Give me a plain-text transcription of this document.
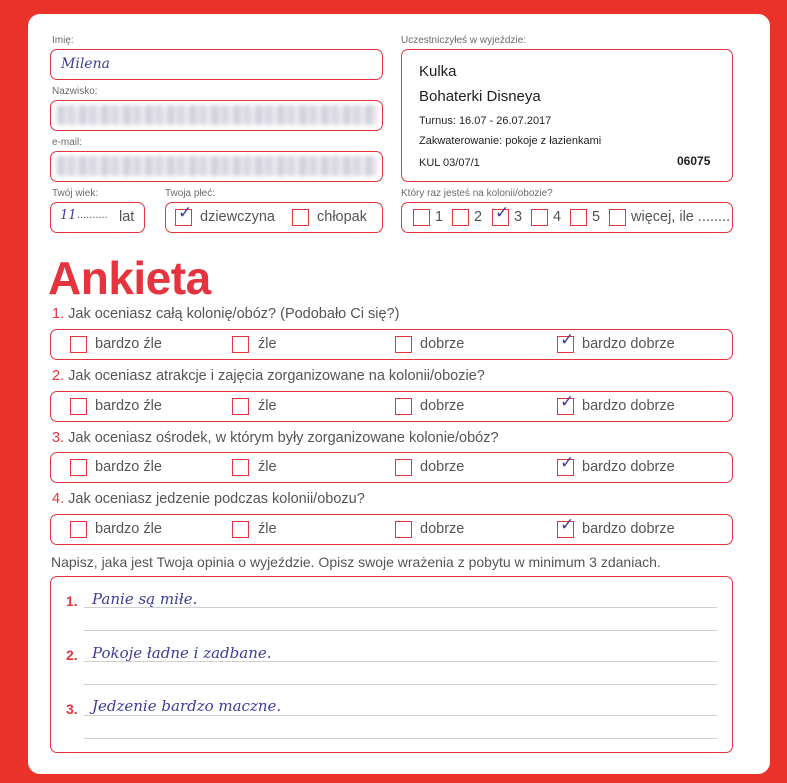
Imię:
Milena
Nazwisko:
e-mail:
Twój wiek:
11 .......... lat
Twoja płeć:
✓ dziewczyna	chłopak
Uczestniczyłeś w wyjeździe:
Kulka
Bohaterki Disneya
Turnus: 16.07 - 26.07.2017
Zakwaterowanie: pokoje z łazienkami
KUL 03/07/1	06075
Który raz jesteś na kolonii/obozie?
1 2 ✓ 3 4 5 więcej, ile ........
Ankieta
1. Jak oceniasz całą kolonię/obóz? (Podobało Ci się?)
bardzo źle	źle	dobrze	✓ bardzo dobrze
2. Jak oceniasz atrakcje i zajęcia zorganizowane na kolonii/obozie?
bardzo źle	źle	dobrze	✓ bardzo dobrze
3. Jak oceniasz ośrodek, w którym były zorganizowane kolonie/obóz?
bardzo źle	źle	dobrze	✓ bardzo dobrze
4. Jak oceniasz jedzenie podczas kolonii/obozu?
bardzo źle	źle	dobrze	✓ bardzo dobrze
Napisz, jaka jest Twoja opinia o wyjeździe. Opisz swoje wrażenia z pobytu w minimum 3 zdaniach.
1. Panie są miłe.
2. Pokoje ładne i zadbane.
3. Jedzenie bardzo maczne.
